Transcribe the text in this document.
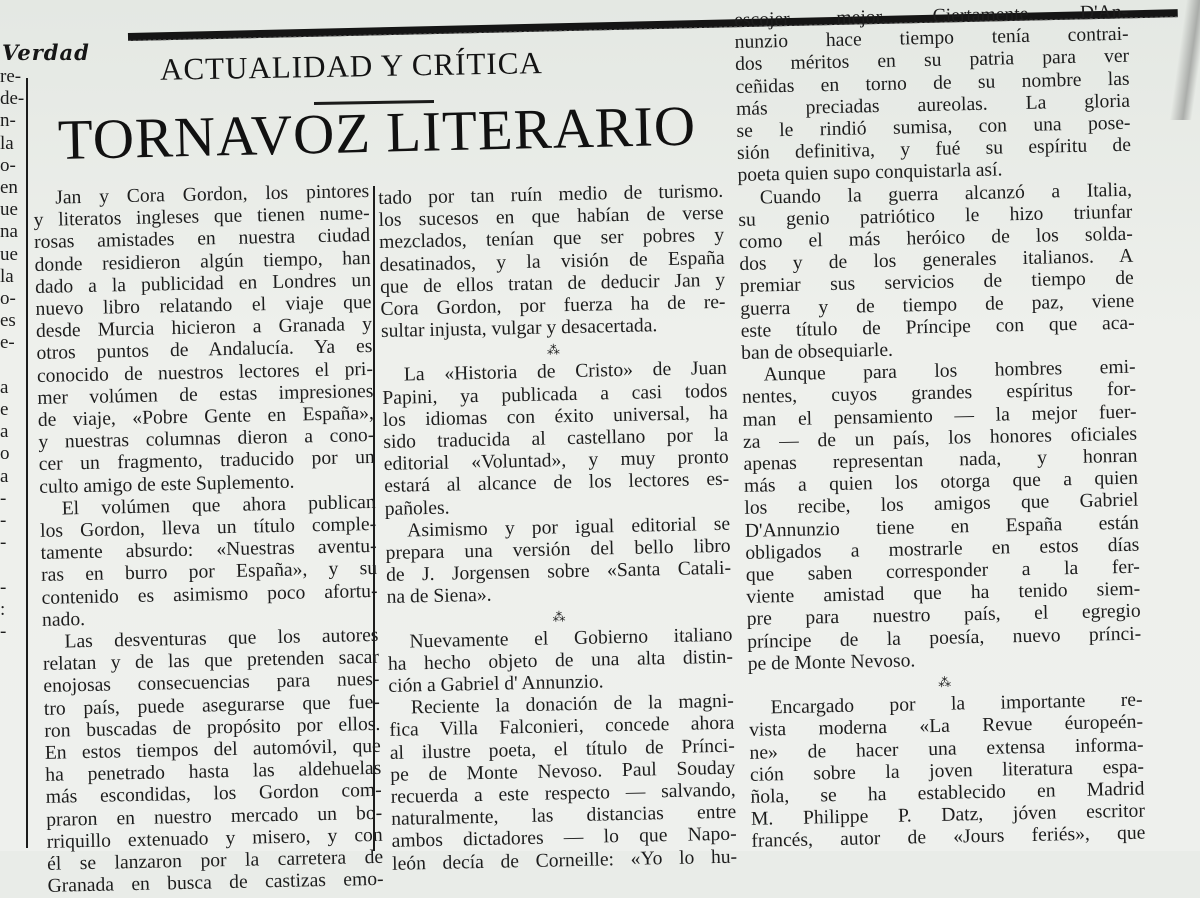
Verdad ACTUALIDAD Y CRÍTICA
TORNAVOZ LITERARIO
re-
de-
n-
la
o-
en
ue
na
ue
la
o-
es
e-

a
e
a
o
a
-
-
-

-
:
-
Jan y Cora Gordon, los pintores
y literatos ingleses que tienen nume-
rosas amistades en nuestra ciudad
donde residieron algún tiempo, han
dado a la publicidad en Londres un
nuevo libro relatando el viaje que
desde Murcia hicieron a Granada y
otros puntos de Andalucía. Ya es
conocido de nuestros lectores el pri-
mer volúmen de estas impresiones
de viaje, «Pobre Gente en España»,
y nuestras columnas dieron a cono-
cer un fragmento, traducido por un
culto amigo de este Suplemento.
El volúmen que ahora publican
los Gordon, lleva un título comple-
tamente absurdo: «Nuestras aventu-
ras en burro por España», y su
contenido es asimismo poco afortu-
nado.
Las desventuras que los autores
relatan y de las que pretenden sacar
enojosas consecuencias para nues-
tro país, puede asegurarse que fue-
ron buscadas de propósito por ellos.
En estos tiempos del automóvil, que
ha penetrado hasta las aldehuelas
más escondidas, los Gordon com-
praron en nuestro mercado un bo-
rriquillo extenuado y misero, y con
él se lanzaron por la carretera de
Granada en busca de castizas emo-
tado por tan ruín medio de turismo.
los sucesos en que habían de verse
mezclados, tenían que ser pobres y
desatinados, y la visión de España
que de ellos tratan de deducir Jan y
Cora Gordon, por fuerza ha de re-
sultar injusta, vulgar y desacertada.
⁂
La «Historia de Cristo» de Juan
Papini, ya publicada a casi todos
los idiomas con éxito universal, ha
sido traducida al castellano por la
editorial «Voluntad», y muy pronto
estará al alcance de los lectores es-
pañoles.
Asimismo y por igual editorial se
prepara una versión del bello libro
de J. Jorgensen sobre «Santa Catali-
na de Siena».
⁂
Nuevamente el Gobierno italiano
ha hecho objeto de una alta distin-
ción a Gabriel d' Annunzio.
Reciente la donación de la magni-
fica Villa Falconieri, concede ahora
al ilustre poeta, el título de Prínci-
pe de Monte Nevoso. Paul Souday
recuerda a este respecto — salvando,
naturalmente, las distancias entre
ambos dictadores — lo que Napo-
león decía de Corneille: «Yo lo hu-
escojer mejor. Ciertamente. D'An-
nunzio hace tiempo tenía contrai-
dos méritos en su patria para ver
ceñidas en torno de su nombre las
más preciadas aureolas. La gloria
se le rindió sumisa, con una pose-
sión definitiva, y fué su espíritu de
poeta quien supo conquistarla así.
Cuando la guerra alcanzó a Italia,
su genio patriótico le hizo triunfar
como el más heróico de los solda-
dos y de los generales italianos. A
premiar sus servicios de tiempo de
guerra y de tiempo de paz, viene
este título de Príncipe con que aca-
ban de obsequiarle.
Aunque para los hombres emi-
nentes, cuyos grandes espíritus for-
man el pensamiento — la mejor fuer-
za — de un país, los honores oficiales
apenas representan nada, y honran
más a quien los otorga que a quien
los recibe, los amigos que Gabriel
D'Annunzio tiene en España están
obligados a mostrarle en estos días
que saben corresponder a la fer-
viente amistad que ha tenido siem-
pre para nuestro país, el egregio
príncipe de la poesía, nuevo prínci-
pe de Monte Nevoso.
⁂
Encargado por la importante re-
vista moderna «La Revue éuropeén-
ne» de hacer una extensa informa-
ción sobre la joven literatura espa-
ñola, se ha establecido en Madrid
M. Philippe P. Datz, jóven escritor
francés, autor de «Jours feriés», que
